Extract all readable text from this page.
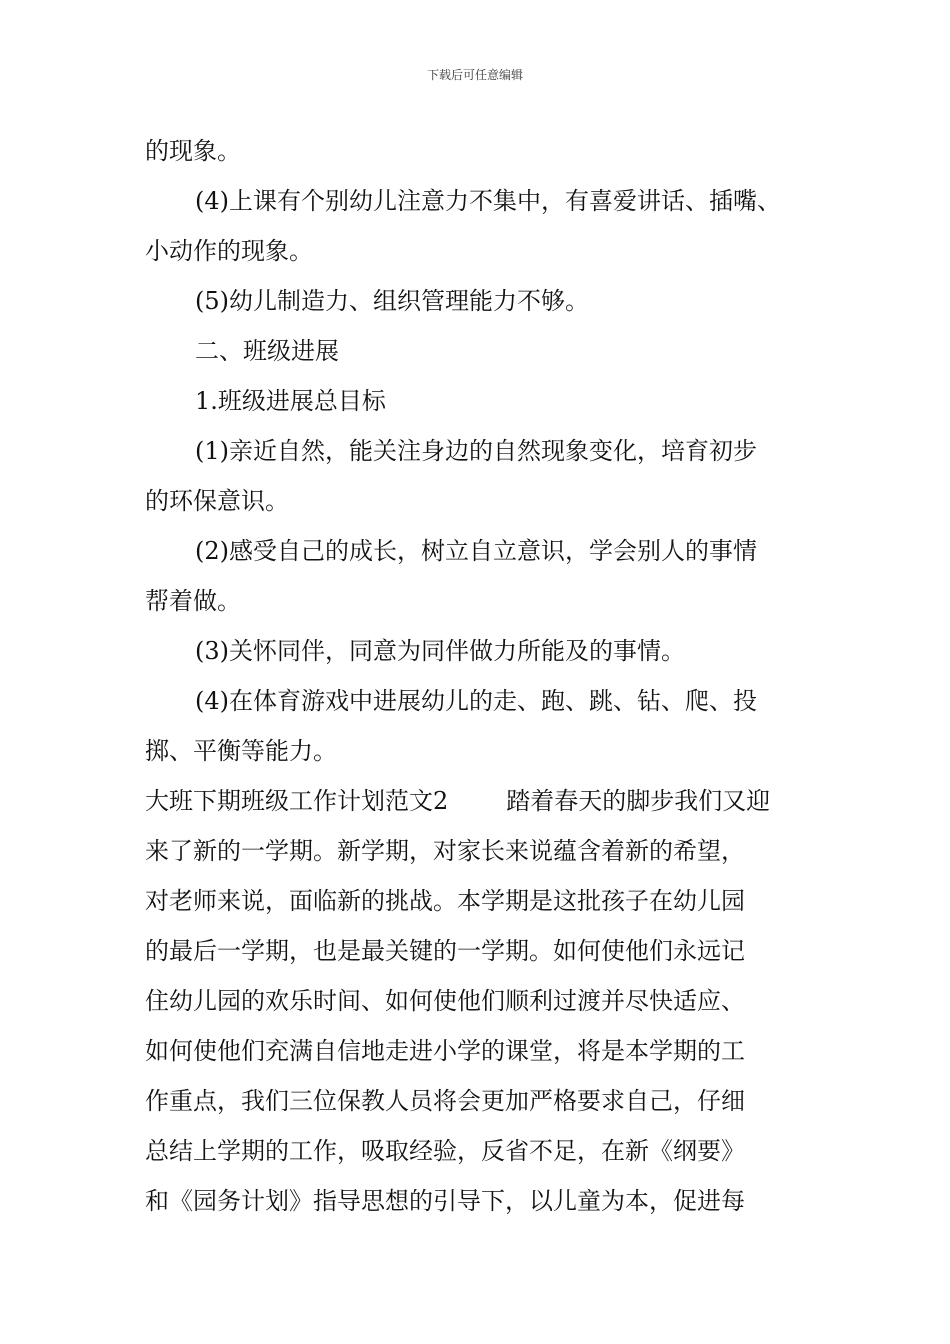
下载后可任意编辑
的现象。
(4)上课有个别幼儿注意力不集中，有喜爱讲话、插嘴、
小动作的现象。
(5)幼儿制造力、组织管理能力不够。
二、班级进展
1.班级进展总目标
(1)亲近自然，能关注身边的自然现象变化，培育初步
的环保意识。
(2)感受自己的成长，树立自立意识，学会别人的事情
帮着做。
(3)关怀同伴，同意为同伴做力所能及的事情。
(4)在体育游戏中进展幼儿的走、跑、跳、钻、爬、投
掷、平衡等能力。
大班下期班级工作计划范文2 踏着春天的脚步我们又迎
来了新的一学期。新学期，对家长来说蕴含着新的希望，
对老师来说，面临新的挑战。本学期是这批孩子在幼儿园
的最后一学期，也是最关键的一学期。如何使他们永远记
住幼儿园的欢乐时间、如何使他们顺利过渡并尽快适应、
如何使他们充满自信地走进小学的课堂，将是本学期的工
作重点，我们三位保教人员将会更加严格要求自己，仔细
总结上学期的工作，吸取经验，反省不足，在新《纲要》
和《园务计划》指导思想的引导下，以儿童为本，促进每
